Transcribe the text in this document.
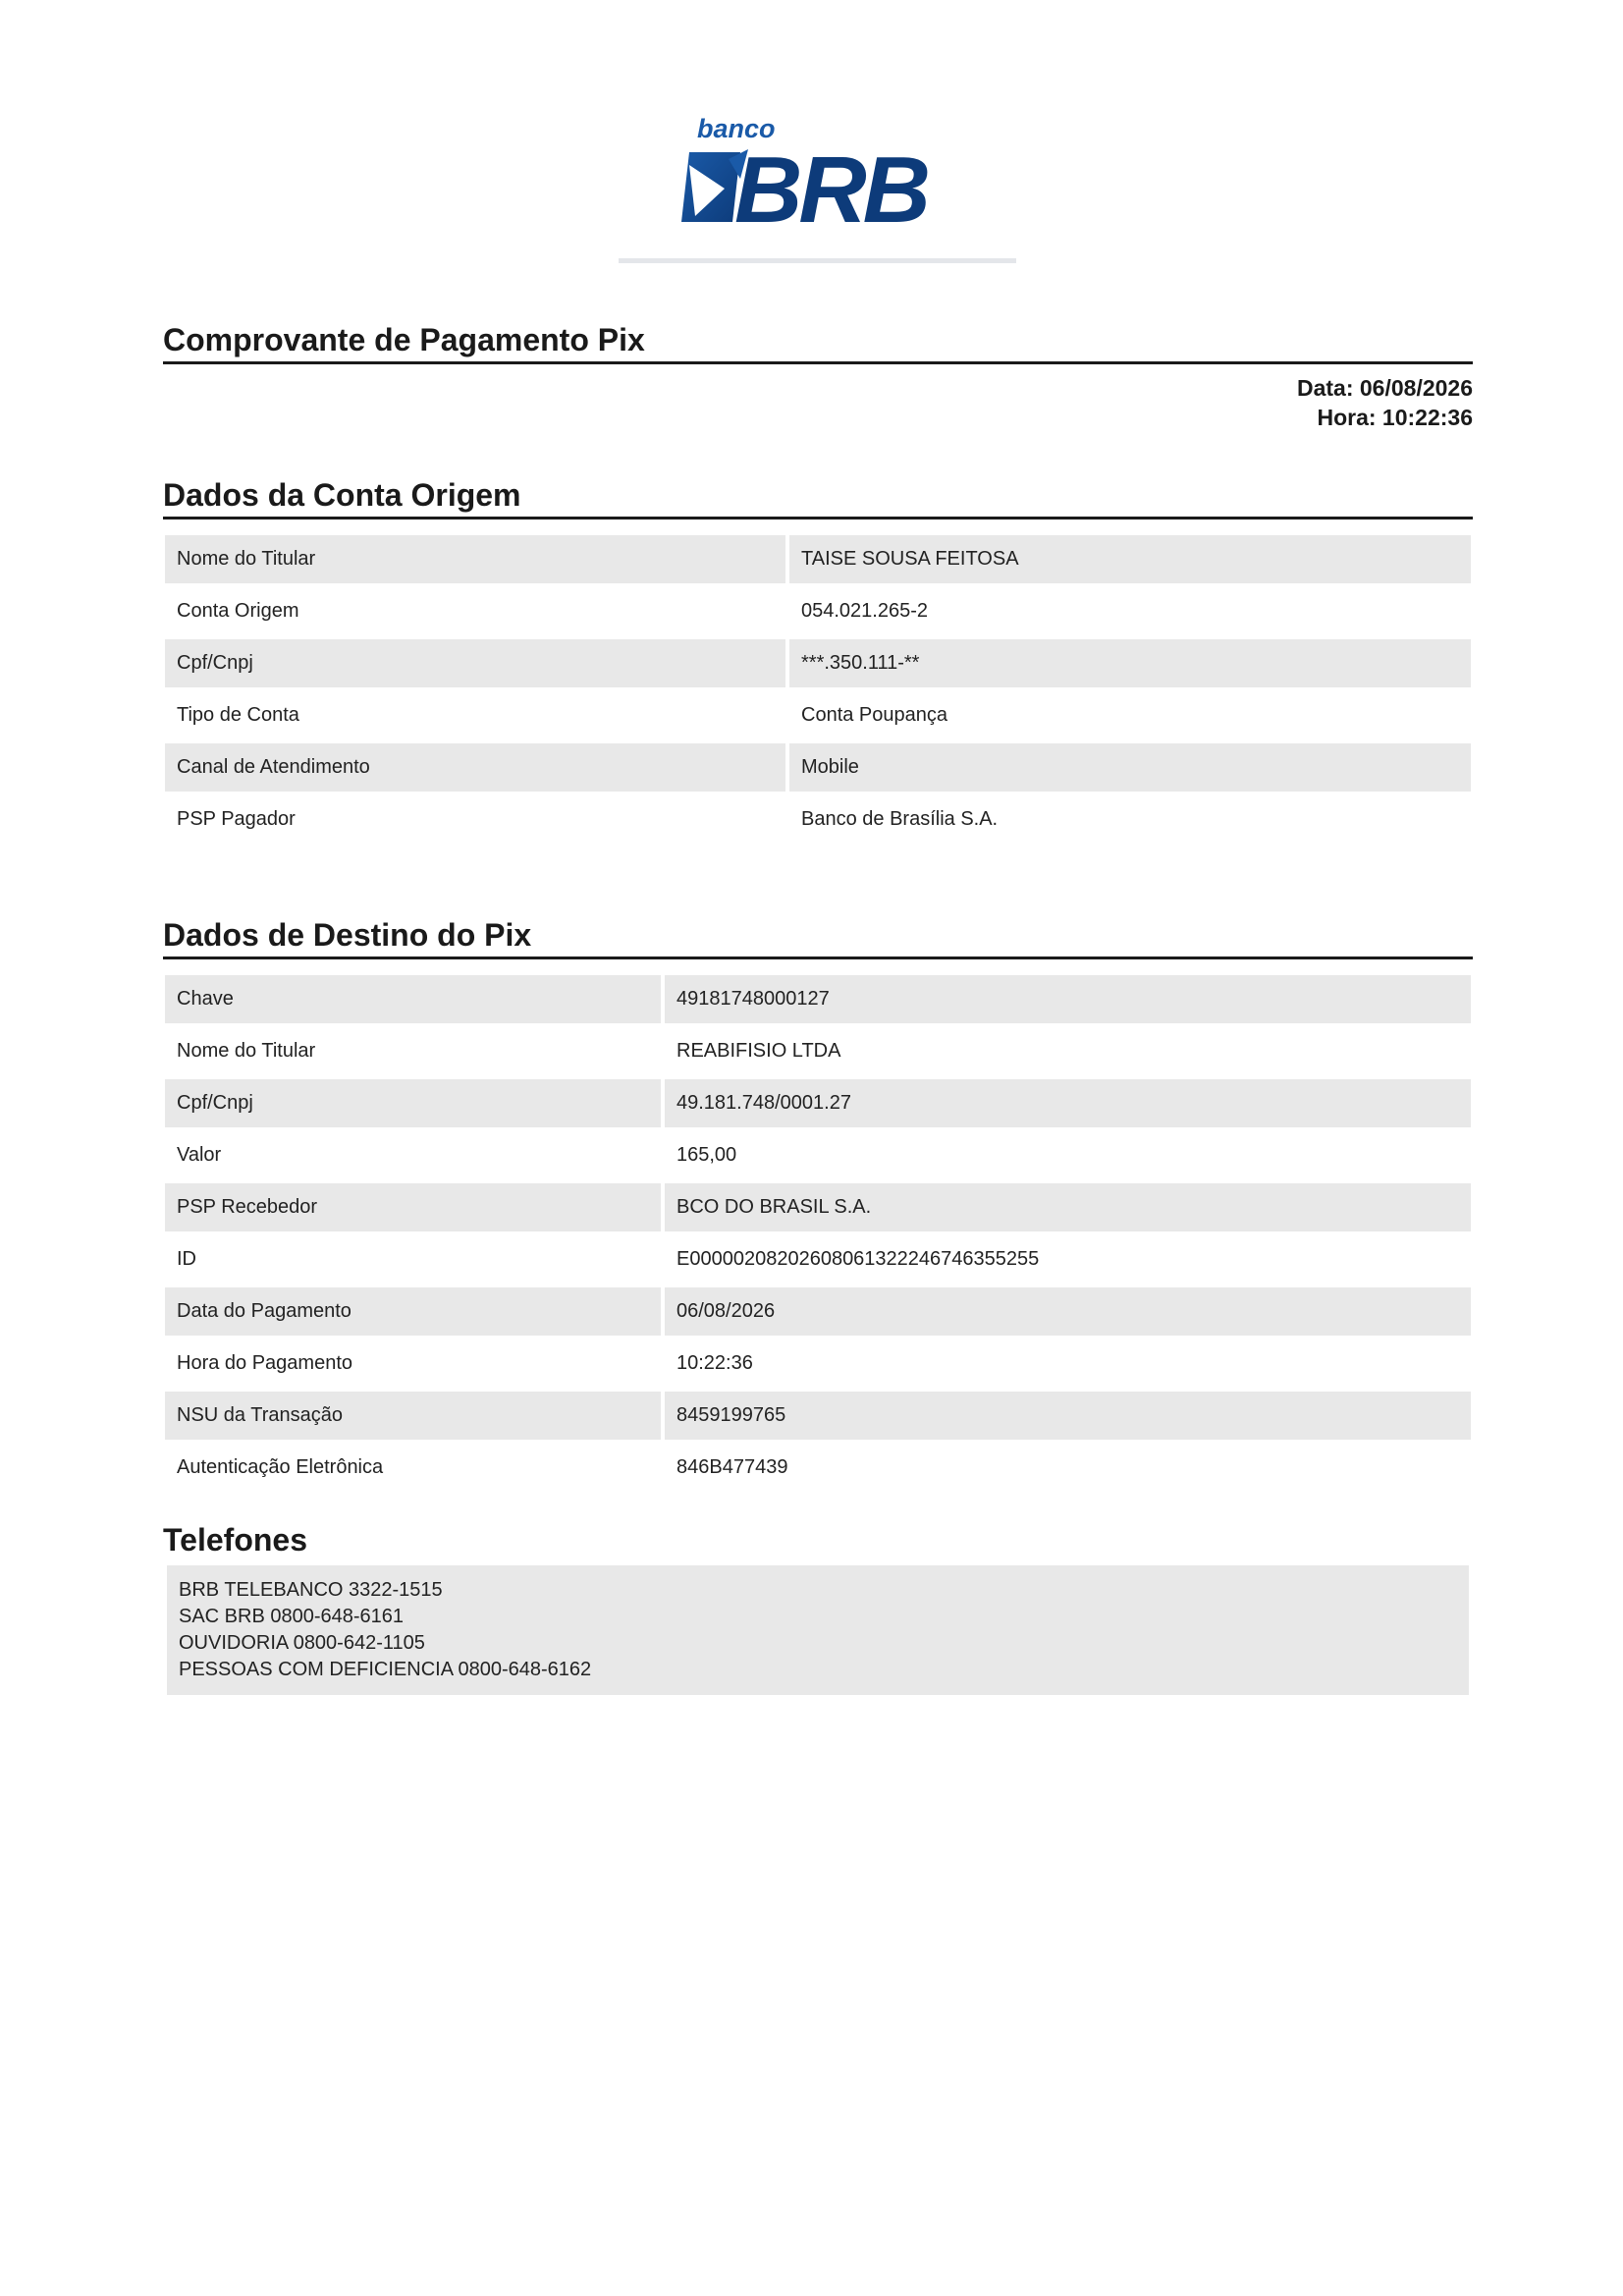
banco
BRB
Comprovante de Pagamento Pix
Data: 06/08/2026
Hora: 10:22:36
Dados da Conta Origem
Nome do Titular	TAISE SOUSA FEITOSA
Conta Origem	054.021.265-2
Cpf/Cnpj	***.350.111-**
Tipo de Conta	Conta Poupança
Canal de Atendimento	Mobile
PSP Pagador	Banco de Brasília S.A.
Dados de Destino do Pix
Chave	49181748000127
Nome do Titular	REABIFISIO LTDA
Cpf/Cnpj	49.181.748/0001.27
Valor	165,00
PSP Recebedor	BCO DO BRASIL S.A.
ID	E00000208202608061322246746355255
Data do Pagamento	06/08/2026
Hora do Pagamento	10:22:36
NSU da Transação	8459199765
Autenticação Eletrônica	846B477439
Telefones
BRB TELEBANCO 3322-1515
SAC BRB 0800-648-6161
OUVIDORIA 0800-642-1105
PESSOAS COM DEFICIENCIA 0800-648-6162
